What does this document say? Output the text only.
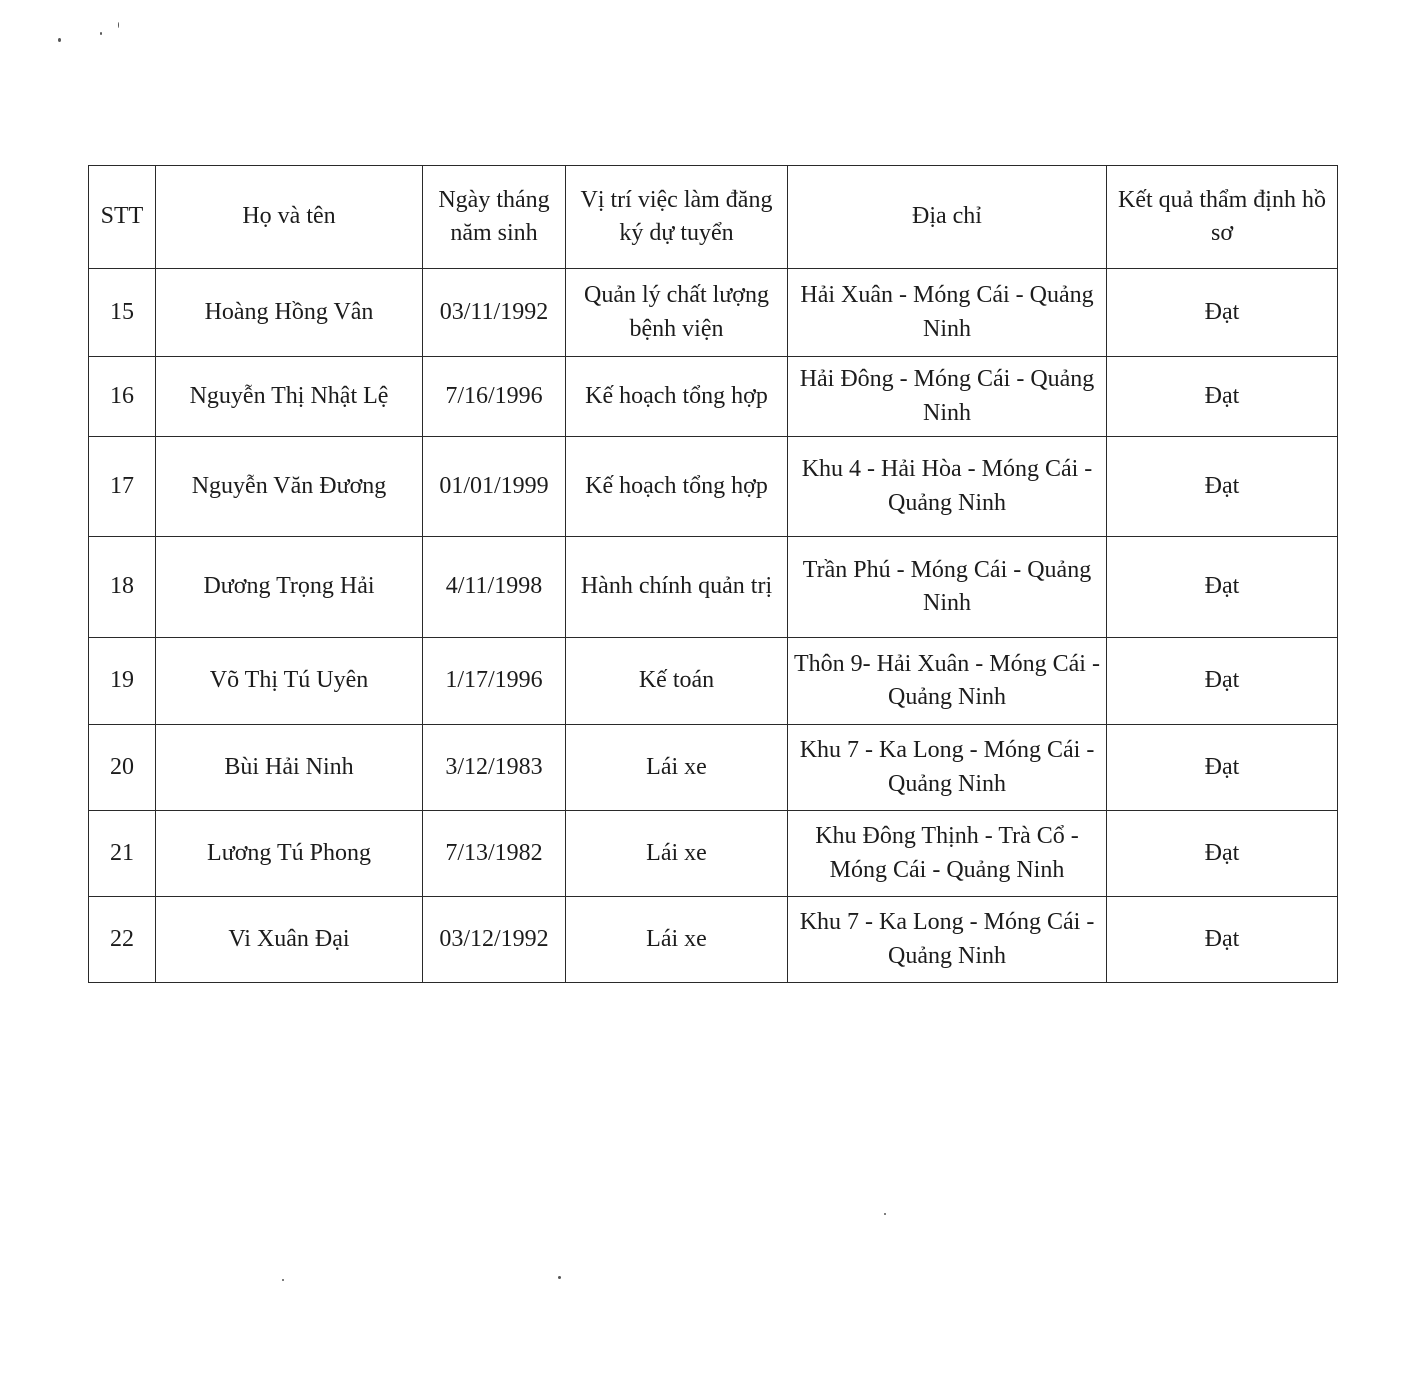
STT	Họ và tên	Ngày tháng năm sinh	Vị trí việc làm đăng ký dự tuyển	Địa chỉ	Kết quả thẩm định hồ sơ
15	Hoàng Hồng Vân	03/11/1992	Quản lý chất lượng bệnh viện	Hải Xuân - Móng Cái - Quảng Ninh	Đạt
16	Nguyễn Thị Nhật Lệ	7/16/1996	Kế hoạch tổng hợp	Hải Đông - Móng Cái - Quảng Ninh	Đạt
17	Nguyễn Văn Đương	01/01/1999	Kế hoạch tổng hợp	Khu 4 - Hải Hòa - Móng Cái - Quảng Ninh	Đạt
18	Dương Trọng Hải	4/11/1998	Hành chính quản trị	Trần Phú - Móng Cái - Quảng Ninh	Đạt
19	Võ Thị Tú Uyên	1/17/1996	Kế toán	Thôn 9- Hải Xuân - Móng Cái - Quảng Ninh	Đạt
20	Bùi Hải Ninh	3/12/1983	Lái xe	Khu 7 - Ka Long - Móng Cái - Quảng Ninh	Đạt
21	Lương Tú Phong	7/13/1982	Lái xe	Khu Đông Thịnh - Trà Cổ - Móng Cái - Quảng Ninh	Đạt
22	Vi Xuân Đại	03/12/1992	Lái xe	Khu 7 - Ka Long - Móng Cái - Quảng Ninh	Đạt
